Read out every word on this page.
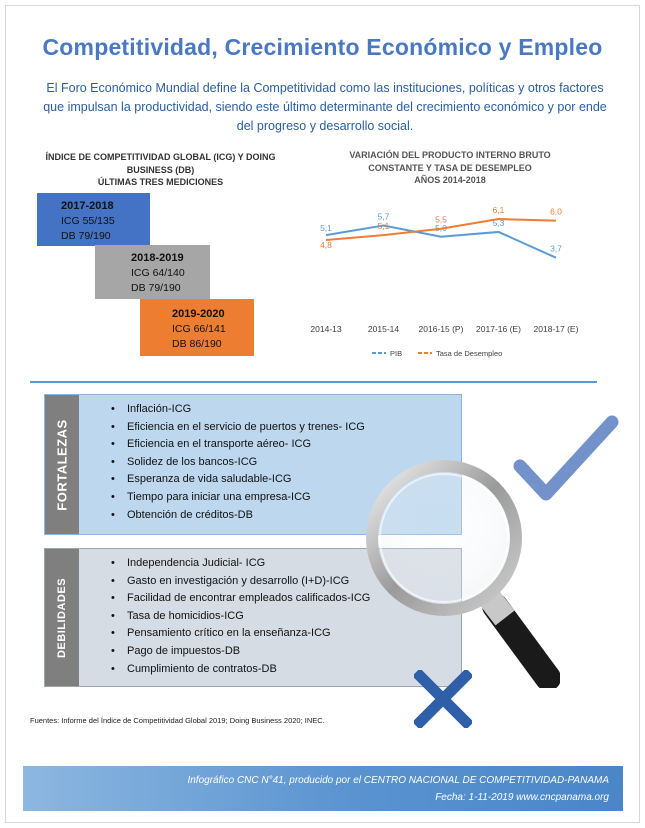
Competitividad, Crecimiento Económico y Empleo

El Foro Económico Mundial define la Competitividad como las instituciones, políticas y otros factores que impulsan la productividad, siendo este último determinante del crecimiento económico y por ende del progreso y desarrollo social.

ÍNDICE DE COMPETITIVIDAD GLOBAL (ICG) Y DOING
BUSINESS (DB)
ÚLTIMAS TRES MEDICIONES
2017-2018
ICG 55/135
DB 79/190
2018-2019
ICG 64/140
DB 79/190
2019-2020
ICG 66/141
DB 86/190
VARIACIÓN DEL PRODUCTO INTERNO BRUTO
CONSTANTE Y TASA DE DESEMPLEO
AÑOS 2014-2018
5,1
5,7
5,0	5,3
3,7
4,8
5,1
5,5
6,1	6,0
2014-13	2015-14 2016-15 (P) 2017-16 (E) 2018-17 (E)
PIB	Tasa de Desempleo
FORTALEZAS
• Inflación-ICG
• Eficiencia en el servicio de puertos y trenes- ICG
• Eficiencia en el transporte aéreo- ICG
• Solidez de los bancos-ICG
• Esperanza de vida saludable-ICG
• Tiempo para iniciar una empresa-ICG
• Obtención de créditos-DB
DEBILIDADES
• Independencia Judicial- ICG
• Gasto en investigación y desarrollo (I+D)-ICG
• Facilidad de encontrar empleados calificados-ICG
• Tasa de homicidios-ICG
• Pensamiento crítico en la enseñanza-ICG
• Pago de impuestos-DB
• Cumplimiento de contratos-DB
Fuentes: Informe del Índice de Competitividad Global 2019; Doing Business 2020; INEC.
Infográfico CNC N°41, producido por el CENTRO NACIONAL DE COMPETITIVIDAD-PANAMA
Fecha: 1-11-2019 www.cncpanama.org
